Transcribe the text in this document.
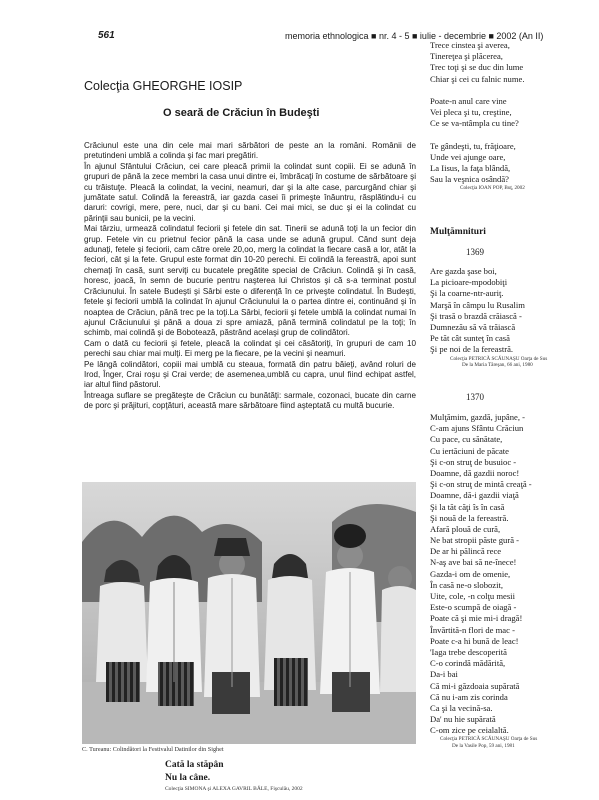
561	memoria ethnologica ■ nr. 4 - 5 ■ iulie - decembrie ■ 2002 (An II)
Colecţia GHEORGHE IOSIP
O seară de Crăciun în Budeşti

Crăciunul este una din cele mai mari sărbători de peste an la români. Românii de pretutindeni umblă a colinda şi fac mari pregătiri.

În ajunul Sfântului Crăciun, cei care pleacă primii la colindat sunt copiii. Ei se adună în grupuri de până la zece membri la casa unui dintre ei, îmbrăcaţi în costume de sărbătoare şi cu trăistuţe. Pleacă la colindat, la vecini, neamuri, dar şi la alte case, parcurgând chiar şi jumătate satul. Colindă la fereastră, iar gazda casei îi primeşte înăuntru, răsplătindu-i cu daruri: covrigi, mere, pere, nuci, dar şi cu bani. Cei mai mici, se duc şi ei la colindat cu părinţii sau bunicii, pe la vecini.

Mai târziu, urmează colindatul feciorii şi fetele din sat. Tinerii se adună toţi la un fecior din grup. Fetele vin cu prietnul fecior până la casa unde se adună grupul. Când sunt deja adunaţi, fetele şi feciorii, cam către orele 20,oo, merg la colindat la fiecare casă a lor, atât la feciori, cât şi la fete. Grupul este format din 10-20 perechi. Ei colindă la fereastră, apoi sunt chemaţi în casă, sunt serviţi cu bucatele pregătite special de Crăciun. Colindă şi în casă, horesc, joacă, în semn de bucurie pentru naşterea lui Christos şi că s-a terminat postul Crăciunului. În satele Budeşti şi Sârbi este o diferenţă în ce priveşte colindatul. În Budeşti, fetele şi feciorii umblă la colindat în ajunul Crăciunului la o partea dintre ei, continuând şi în noaptea de Crăciun, până trec pe la toţi.La Sârbi, feciorii şi fetele umblă la colindat numai în ajunul Crăciunului şi până a doua zi spre amiază, până termină colindatul pe la toţi; în schimb, mai colindă şi de Bobotează, păstrând acelaşi grup de colindători.

Cam o dată cu feciorii şi fetele, pleacă la colindat şi cei căsătoriţi, în grupuri de cam 10 perechi sau chiar mai mulţi. Ei merg pe la fiecare, pe la vecini şi neamuri.

Pe lângă colindători, copiii mai umblă cu steaua, formată din patru băieţi, având roluri de Irod, Înger, Crai roşu şi Crai verde; de asemenea,umblă cu capra, unul fiind echipat astfel, iar altul fiind păstorul.

Întreaga suflare se pregăteşte de Crăciun cu bunătăţi: sarmale, cozonaci, bucate din carne de porc şi prăjituri, copţături, această mare sărbătoare fiind aşteptată cu multă bucurie.

C. Tureanu: Colindători la Festivalul Datinilor din Sighet
Cată la stăpân
Nu la câne.
Colecţia SIMONA şi ALEXA GAVRIL BĂLE, Fişculău, 2002
Trece cinstea şi averea,
Tinereţea şi plăcerea,
Trec toţi şi se duc din lume
Chiar şi cei cu falnic nume.
Poate-n anul care vine
Vei pleca şi tu, creştine,
Ce se va-ntâmpla cu tine?
Te gândeşti, tu, frăţioare,
Unde vei ajunge oare,
La Iisus, la faţa blândă,
Sau la veşnica osândă?
Colecţia IOAN POP, Buţ, 2002
Mulţămnituri
1369
Are gazda şase boi,
La picioare-mpodobiţi
Şi la coarne-ntr-auriţ.
Marşă în câmpu lu Rusalim
Şi trasă o brazdă crăiască -
Dumnezău să vă trăiască
Pe tăt cât sunteţ în casă
Şi pe noi de la fereastră.
Colecţia PETRICĂ SCĂUNAŞU Oarţa de Sus
De la Maria Tăreşan, 66 ani, 1980
1370
Mulţămim, gazdă, jupâne, -
C-am ajuns Sfântu Crăciun
Cu pace, cu sănătate,
Cu iertăciuni de păcate
Şi c-on struţ de busuioc -
Doamne, dă gazdii noroc!
Şi c-on struţ de mintă creaţă -
Doamne, dă-i gazdii viaţă
Şi la tăt căţi îs în casă
Şi nouă de la fereastră.
Afară plouă de cură,
Ne bat stropii păste gură -
De ar hi pălincă rece
N-aş ave bai să ne-înece!
Gazda-i om de omenie,
În casă ne-o slobozit,
Uite, cole, -n colţu mesii
Este-o scumpă de oiagă -
Poate că şi mie mi-i dragă!
Învărtită-n flori de mac -
Poate c-a hi bună de leac!
'Iaga trebe descoperită
C-o corindă mădărită,
Da-i bai
Că mi-i găzdoaia supărată
Că nu i-am zis corinda
Ca şi la vecină-sa.
Da' nu hie supărată
C-om zice pe ceialaltă.
Colecţia PETRICĂ SCĂUNAŞU Oarţa de Sus
De la Vasile Pop, 59 ani, 1981
